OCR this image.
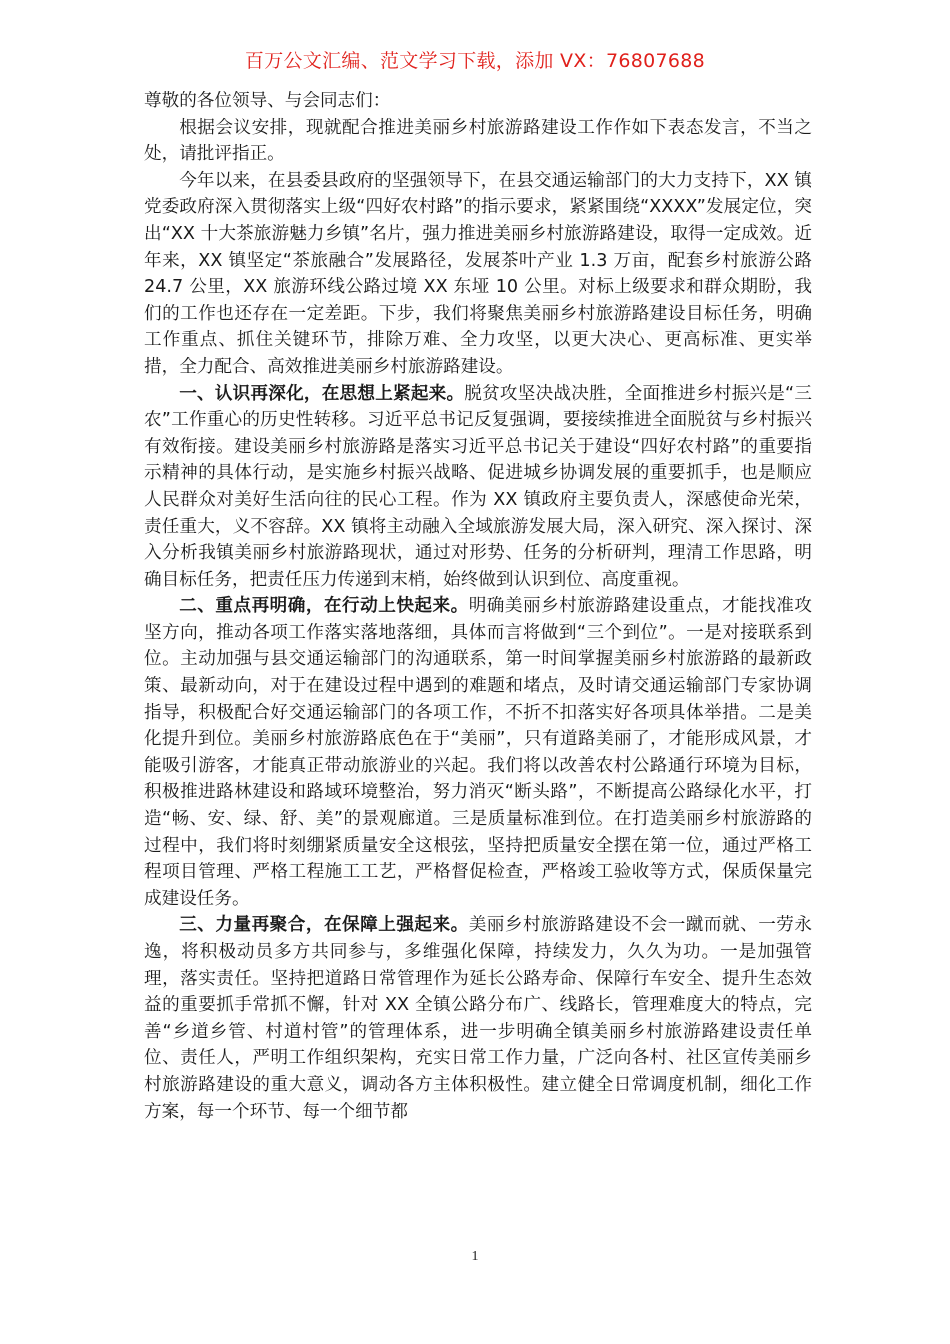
百万公文汇编、范文学习下载，添加 VX：76807688

尊敬的各位领导、与会同志们：

根据会议安排，现就配合推进美丽乡村旅游路建设工作作如下表态发言，不当之处，请批评指正。

今年以来，在县委县政府的坚强领导下，在县交通运输部门的大力支持下，XX 镇党委政府深入贯彻落实上级“四好农村路”的指示要求，紧紧围绕“XXXX”发展定位，突出“XX 十大茶旅游魅力乡镇”名片，强力推进美丽乡村旅游路建设，取得一定成效。近年来，XX 镇坚定“茶旅融合”发展路径，发展茶叶产业 1.3 万亩，配套乡村旅游公路 24.7 公里，XX 旅游环线公路过境 XX 东垭 10 公里。对标上级要求和群众期盼，我们的工作也还存在一定差距。下步，我们将聚焦美丽乡村旅游路建设目标任务，明确工作重点、抓住关键环节，排除万难、全力攻坚，以更大决心、更高标准、更实举措，全力配合、高效推进美丽乡村旅游路建设。

一、认识再深化，在思想上紧起来。脱贫攻坚决战决胜，全面推进乡村振兴是“三农”工作重心的历史性转移。习近平总书记反复强调，要接续推进全面脱贫与乡村振兴有效衔接。建设美丽乡村旅游路是落实习近平总书记关于建设“四好农村路”的重要指示精神的具体行动，是实施乡村振兴战略、促进城乡协调发展的重要抓手，也是顺应人民群众对美好生活向往的民心工程。作为 XX 镇政府主要负责人，深感使命光荣，责任重大，义不容辞。XX 镇将主动融入全域旅游发展大局，深入研究、深入探讨、深入分析我镇美丽乡村旅游路现状，通过对形势、任务的分析研判，理清工作思路，明确目标任务，把责任压力传递到末梢，始终做到认识到位、高度重视。

二、重点再明确，在行动上快起来。明确美丽乡村旅游路建设重点，才能找准攻坚方向，推动各项工作落实落地落细，具体而言将做到“三个到位”。一是对接联系到位。主动加强与县交通运输部门的沟通联系，第一时间掌握美丽乡村旅游路的最新政策、最新动向，对于在建设过程中遇到的难题和堵点，及时请交通运输部门专家协调指导，积极配合好交通运输部门的各项工作，不折不扣落实好各项具体举措。二是美化提升到位。美丽乡村旅游路底色在于“美丽”，只有道路美丽了，才能形成风景，才能吸引游客，才能真正带动旅游业的兴起。我们将以改善农村公路通行环境为目标，积极推进路林建设和路域环境整治，努力消灭“断头路”，不断提高公路绿化水平，打造“畅、安、绿、舒、美”的景观廊道。三是质量标准到位。在打造美丽乡村旅游路的过程中，我们将时刻绷紧质量安全这根弦，坚持把质量安全摆在第一位，通过严格工程项目管理、严格工程施工工艺，严格督促检查，严格竣工验收等方式，保质保量完成建设任务。

三、力量再聚合，在保障上强起来。美丽乡村旅游路建设不会一蹴而就、一劳永逸，将积极动员多方共同参与，多维强化保障，持续发力，久久为功。一是加强管理，落实责任。坚持把道路日常管理作为延长公路寿命、保障行车安全、提升生态效益的重要抓手常抓不懈，针对 XX 全镇公路分布广、线路长，管理难度大的特点，完善“乡道乡管、村道村管”的管理体系，进一步明确全镇美丽乡村旅游路建设责任单位、责任人，严明工作组织架构，充实日常工作力量，广泛向各村、社区宣传美丽乡村旅游路建设的重大意义，调动各方主体积极性。建立健全日常调度机制，细化工作方案，每一个环节、每一个细节都

1
